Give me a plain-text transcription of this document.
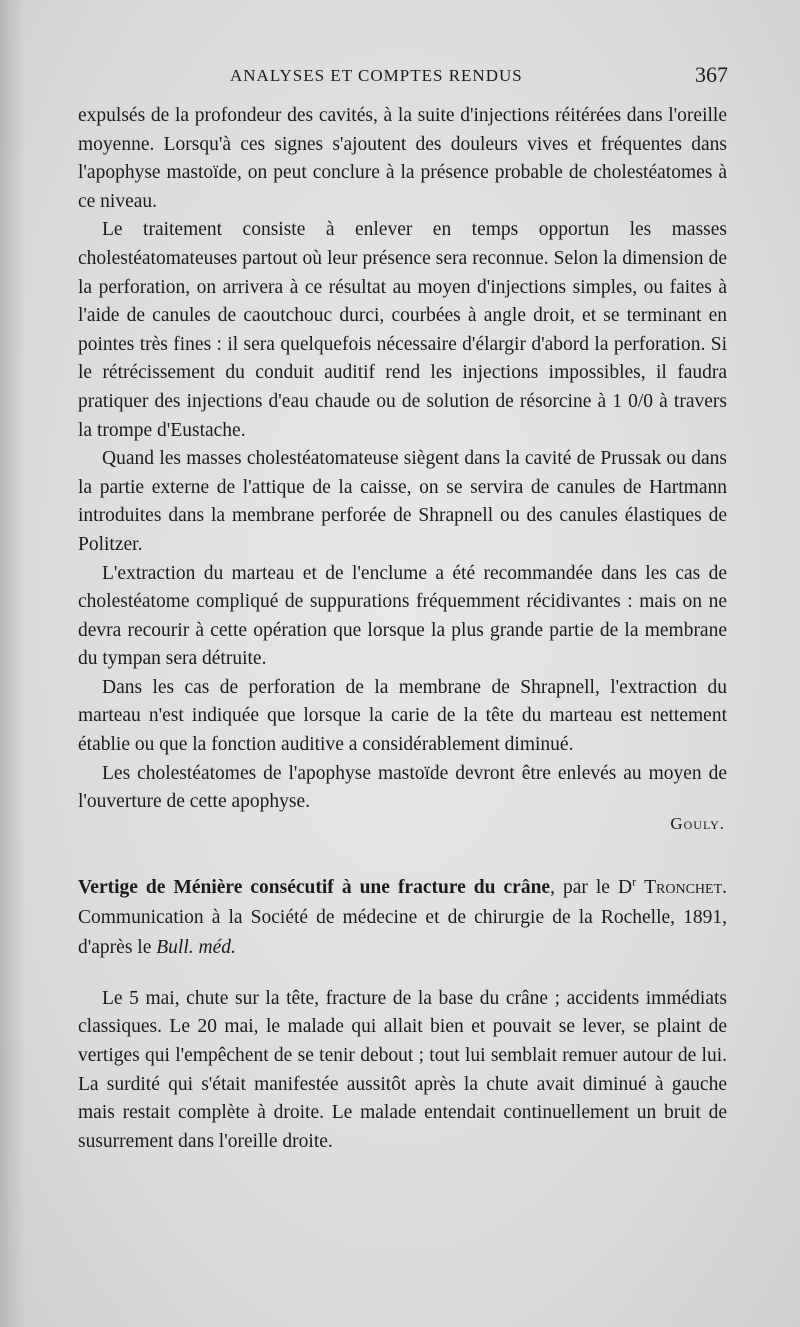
ANALYSES ET COMPTES RENDUS	367

expulsés de la profondeur des cavités, à la suite d'injections réitérées dans l'oreille moyenne. Lorsqu'à ces signes s'ajoutent des douleurs vives et fréquentes dans l'apophyse mastoïde, on peut conclure à la présence probable de cholestéatomes à ce niveau.

Le traitement consiste à enlever en temps opportun les masses cholestéatomateuses partout où leur présence sera reconnue. Selon la dimension de la perforation, on arrivera à ce résultat au moyen d'injections simples, ou faites à l'aide de canules de caoutchouc durci, courbées à angle droit, et se terminant en pointes très fines : il sera quelquefois nécessaire d'élargir d'abord la perforation. Si le rétrécissement du conduit auditif rend les injections impossibles, il faudra pratiquer des injections d'eau chaude ou de solution de résorcine à 1 0/0 à travers la trompe d'Eustache.

Quand les masses cholestéatomateuse siègent dans la cavité de Prussak ou dans la partie externe de l'attique de la caisse, on se servira de canules de Hartmann introduites dans la membrane perforée de Shrapnell ou des canules élastiques de Politzer.

L'extraction du marteau et de l'enclume a été recommandée dans les cas de cholestéatome compliqué de suppurations fréquemment récidivantes : mais on ne devra recourir à cette opération que lorsque la plus grande partie de la membrane du tympan sera détruite.

Dans les cas de perforation de la membrane de Shrapnell, l'extraction du marteau n'est indiquée que lorsque la carie de la tête du marteau est nettement établie ou que la fonction auditive a considérablement diminué.

Les cholestéatomes de l'apophyse mastoïde devront être enlevés au moyen de l'ouverture de cette apophyse.

Gouly.

Vertige de Ménière consécutif à une fracture du crâne, par le $D^r$ Tronchet. Communication à la Société de médecine et de chirurgie de la Rochelle, 1891, d'après le Bull. méd.

Le 5 mai, chute sur la tête, fracture de la base du crâne ; accidents immédiats classiques. Le 20 mai, le malade qui allait bien et pouvait se lever, se plaint de vertiges qui l'empêchent de se tenir debout ; tout lui semblait remuer autour de lui. La surdité qui s'était manifestée aussitôt après la chute avait diminué à gauche mais restait complète à droite. Le malade entendait continuellement un bruit de susurrement dans l'oreille droite.
